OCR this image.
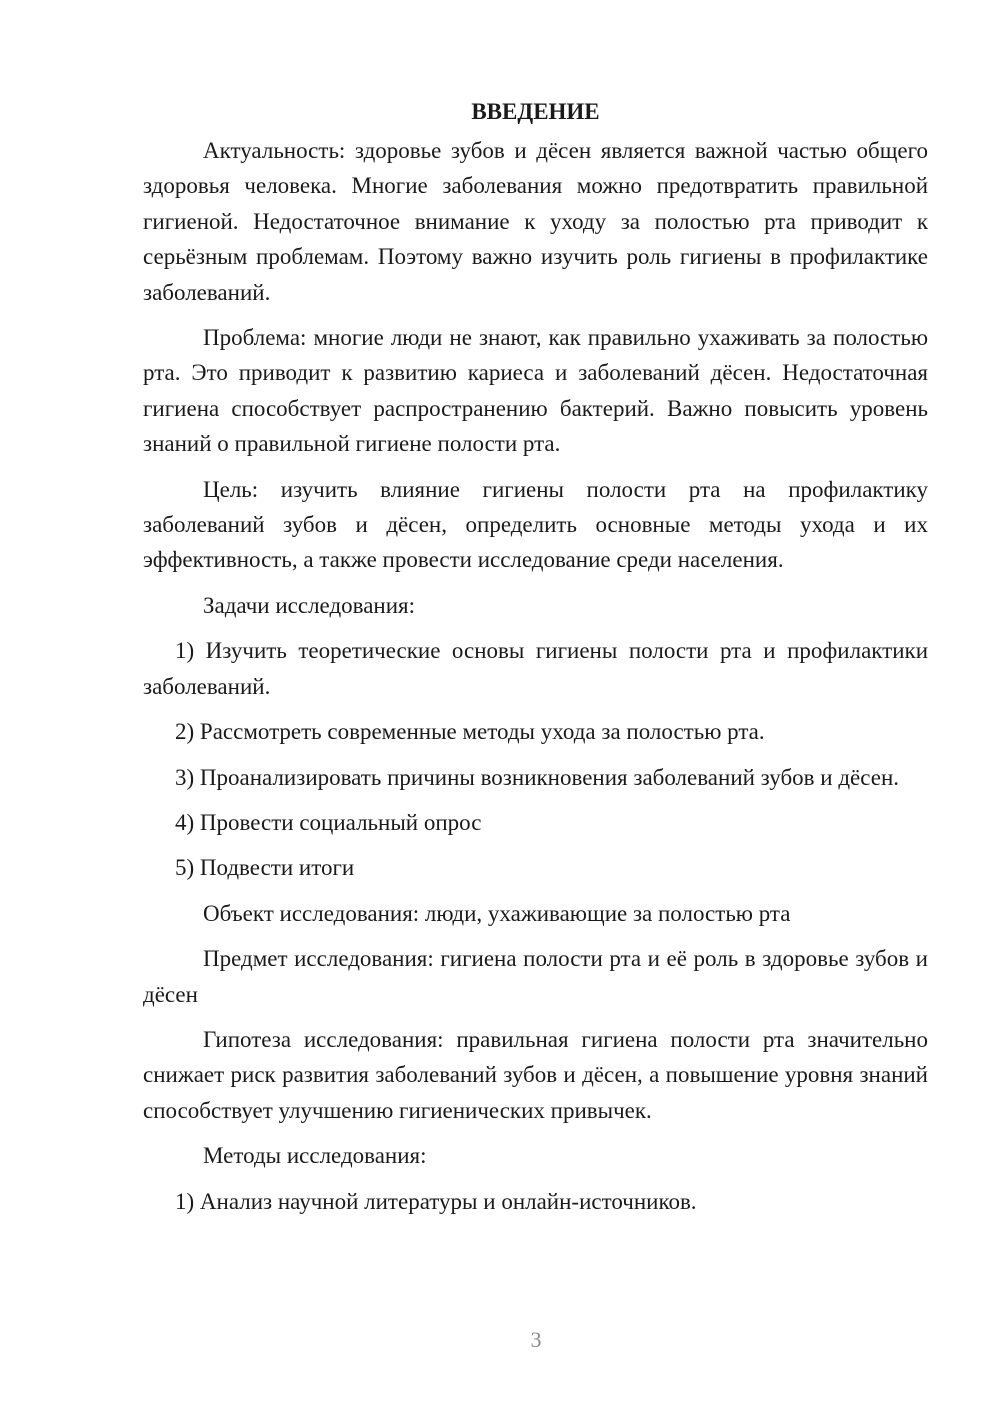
ВВЕДЕНИЕ

Актуальность: здоровье зубов и дёсен является важной частью общего здоровья человека. Многие заболевания можно предотвратить правильной гигиеной. Недостаточное внимание к уходу за полостью рта приводит к серьёзным проблемам. Поэтому важно изучить роль гигиены в профилактике заболеваний.

Проблема: многие люди не знают, как правильно ухаживать за полостью рта. Это приводит к развитию кариеса и заболеваний дёсен. Недостаточная гигиена способствует распространению бактерий. Важно повысить уровень знаний о правильной гигиене полости рта.

Цель: изучить влияние гигиены полости рта на профилактику заболеваний зубов и дёсен, определить основные методы ухода и их эффективность, а также провести исследование среди населения.

Задачи исследования:

1) Изучить теоретические основы гигиены полости рта и профилактики заболеваний.

2) Рассмотреть современные методы ухода за полостью рта.

3) Проанализировать причины возникновения заболеваний зубов и дёсен.

4) Провести социальный опрос

5) Подвести итоги

Объект исследования: люди, ухаживающие за полостью рта

Предмет исследования: гигиена полости рта и её роль в здоровье зубов и дёсен

Гипотеза исследования: правильная гигиена полости рта значительно снижает риск развития заболеваний зубов и дёсен, а повышение уровня знаний способствует улучшению гигиенических привычек.

Методы исследования:

1) Анализ научной литературы и онлайн-источников.

3
